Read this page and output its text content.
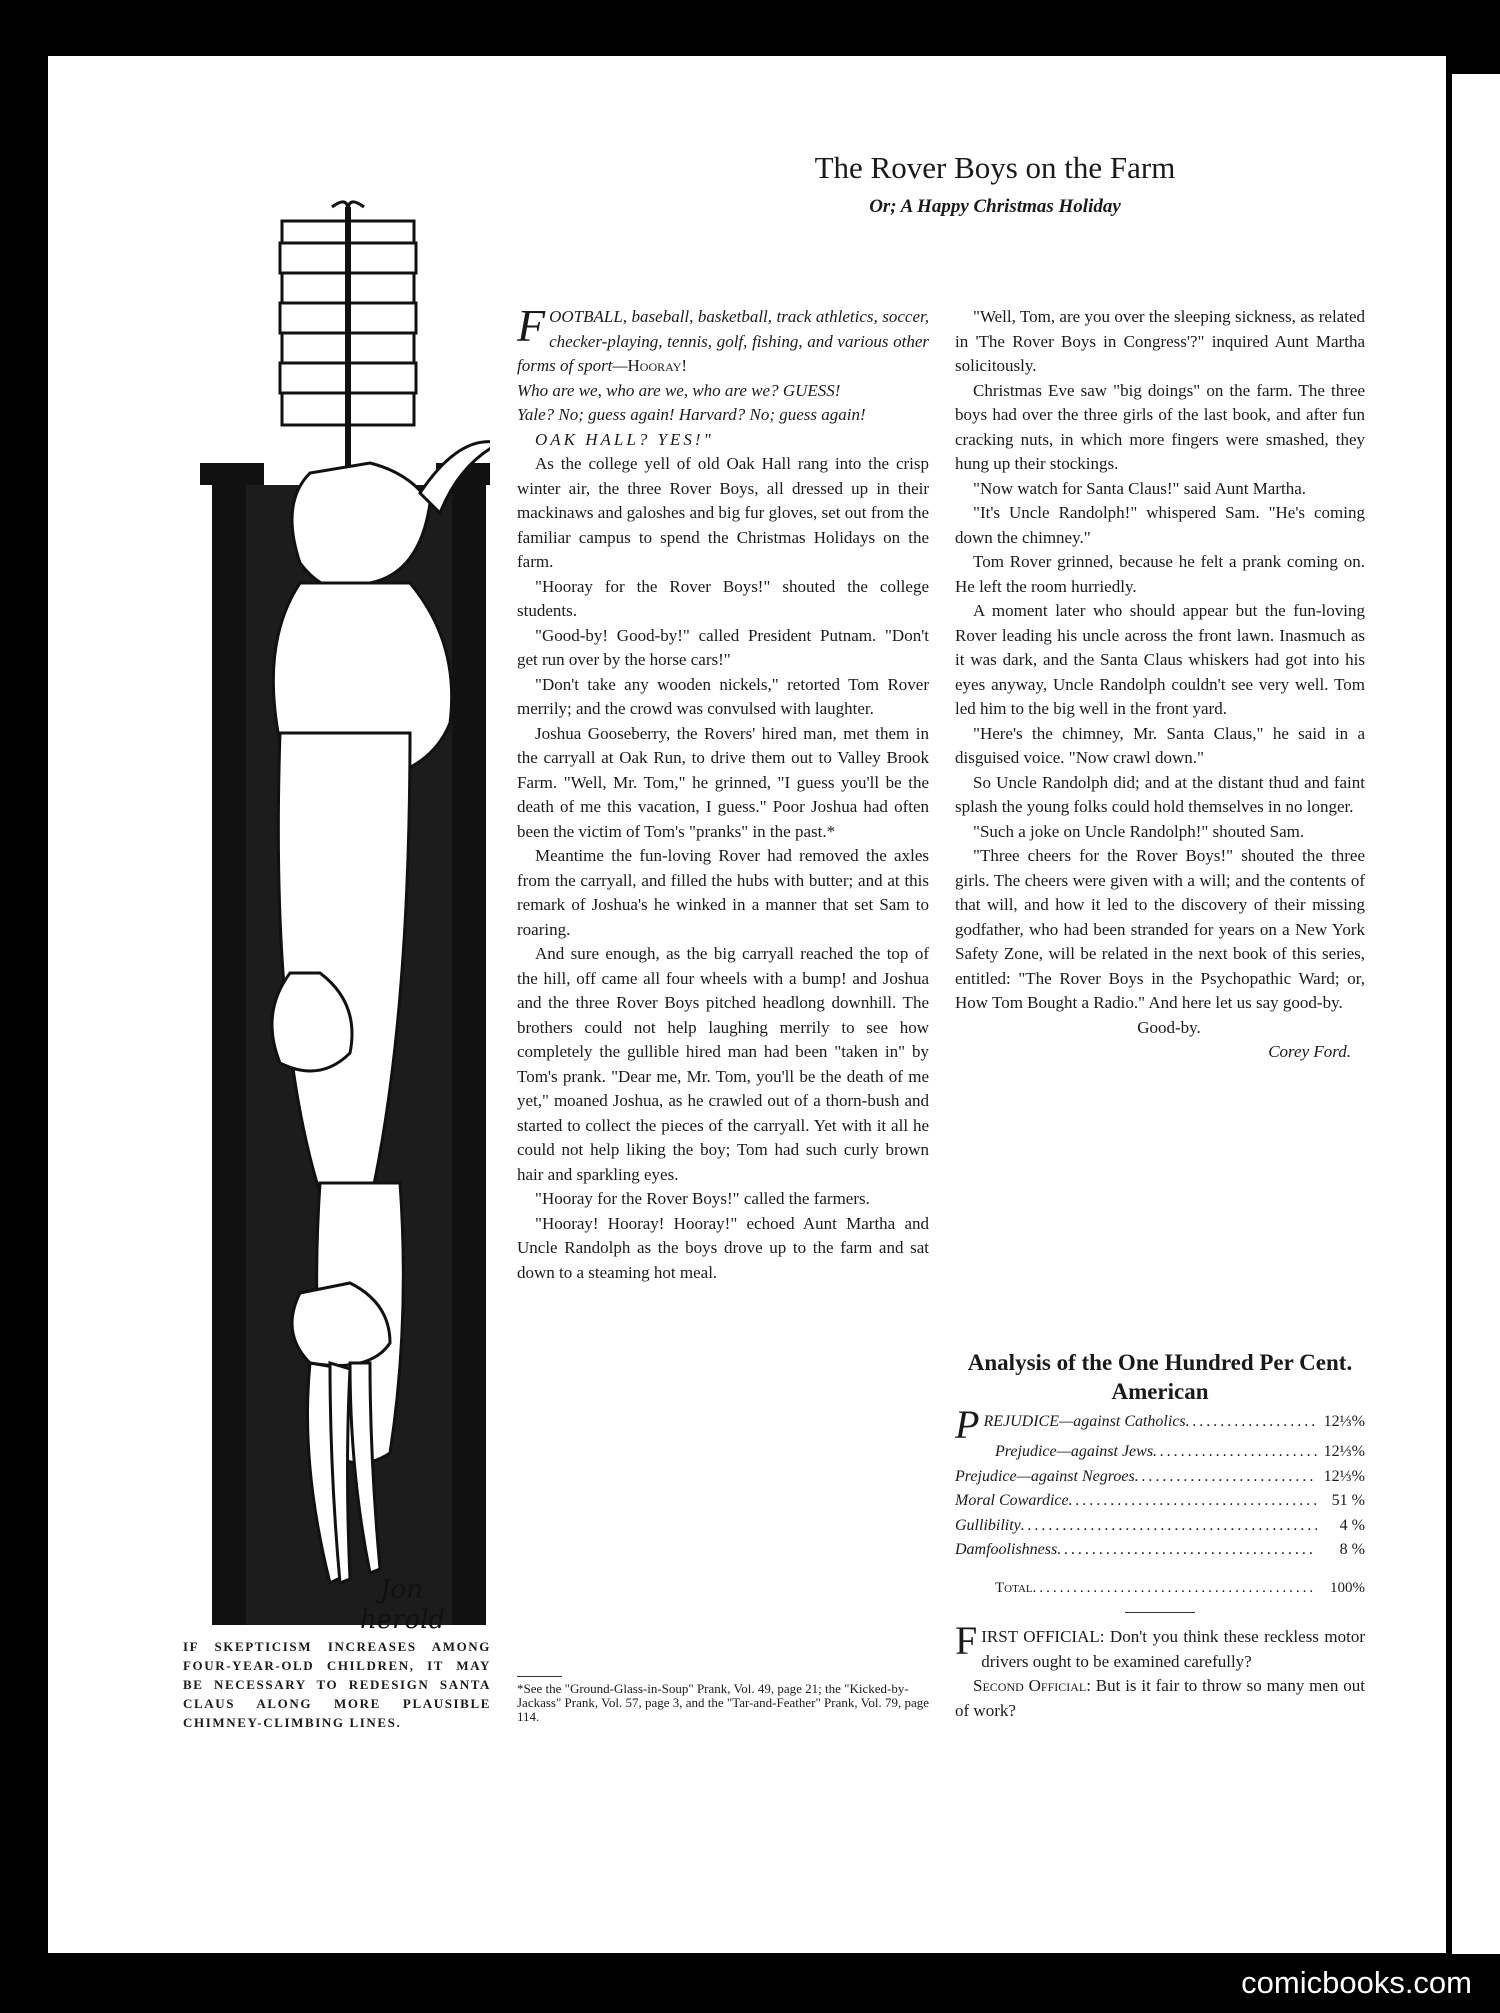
Jon
herold
IF SKEPTICISM INCREASES AMONG FOUR-YEAR-OLD CHILDREN, IT MAY BE NECESSARY TO REDESIGN SANTA CLAUS ALONG MORE PLAUSIBLE CHIMNEY-CLIMBING LINES.
The Rover Boys on the Farm
Or; A Happy Christmas Holiday

FOOTBALL, baseball, basketball, track athletics, soccer, checker-playing, tennis, golf, fishing, and various other forms of sport—Hooray!

Who are we, who are we, who are we? GUESS!

Yale? No; guess again! Harvard? No; guess again!

OAK HALL? YES!"

As the college yell of old Oak Hall rang into the crisp winter air, the three Rover Boys, all dressed up in their mackinaws and galoshes and big fur gloves, set out from the familiar campus to spend the Christmas Holidays on the farm.

"Hooray for the Rover Boys!" shouted the college students.

"Good-by! Good-by!" called President Putnam. "Don't get run over by the horse cars!"

"Don't take any wooden nickels," retorted Tom Rover merrily; and the crowd was convulsed with laughter.

Joshua Gooseberry, the Rovers' hired man, met them in the carryall at Oak Run, to drive them out to Valley Brook Farm. "Well, Mr. Tom," he grinned, "I guess you'll be the death of me this vacation, I guess." Poor Joshua had often been the victim of Tom's "pranks" in the past.*

Meantime the fun-loving Rover had removed the axles from the carryall, and filled the hubs with butter; and at this remark of Joshua's he winked in a manner that set Sam to roaring.

And sure enough, as the big carryall reached the top of the hill, off came all four wheels with a bump! and Joshua and the three Rover Boys pitched headlong downhill. The brothers could not help laughing merrily to see how completely the gullible hired man had been "taken in" by Tom's prank. "Dear me, Mr. Tom, you'll be the death of me yet," moaned Joshua, as he crawled out of a thorn-bush and started to collect the pieces of the carryall. Yet with it all he could not help liking the boy; Tom had such curly brown hair and sparkling eyes.

"Hooray for the Rover Boys!" called the farmers.

"Hooray! Hooray! Hooray!" echoed Aunt Martha and Uncle Randolph as the boys drove up to the farm and sat down to a steaming hot meal.

*See the "Ground-Glass-in-Soup" Prank, Vol. 49, page 21; the "Kicked-by-Jackass" Prank, Vol. 57, page 3, and the "Tar-and-Feather" Prank, Vol. 79, page 114.

"Well, Tom, are you over the sleeping sickness, as related in 'The Rover Boys in Congress'?" inquired Aunt Martha solicitously.

Christmas Eve saw "big doings" on the farm. The three boys had over the three girls of the last book, and after fun cracking nuts, in which more fingers were smashed, they hung up their stockings.

"Now watch for Santa Claus!" said Aunt Martha.

"It's Uncle Randolph!" whispered Sam. "He's coming down the chimney."

Tom Rover grinned, because he felt a prank coming on. He left the room hurriedly.

A moment later who should appear but the fun-loving Rover leading his uncle across the front lawn. Inasmuch as it was dark, and the Santa Claus whiskers had got into his eyes anyway, Uncle Randolph couldn't see very well. Tom led him to the big well in the front yard.

"Here's the chimney, Mr. Santa Claus," he said in a disguised voice. "Now crawl down."

So Uncle Randolph did; and at the distant thud and faint splash the young folks could hold themselves in no longer.

"Such a joke on Uncle Randolph!" shouted Sam.

"Three cheers for the Rover Boys!" shouted the three girls. The cheers were given with a will; and the contents of that will, and how it led to the discovery of their missing godfather, who had been stranded for years on a New York Safety Zone, will be related in the next book of this series, entitled: "The Rover Boys in the Psychopathic Ward; or, How Tom Bought a Radio." And here let us say good-by.

Good-by.

Corey Ford.

Analysis of the One Hundred Per Cent. American
PREJUDICE—against Catholics .....	12⅓%
Prejudice—against Jews .....	12⅓%
Prejudice—against Negroes .....	12⅓%
Moral Cowardice .....	51 %
Gullibility .....	4 %
Damfoolishness .....	8 %
Total .....	100%

FIRST OFFICIAL: Don't you think these reckless motor drivers ought to be examined carefully?

Second Official: But is it fair to throw so many men out of work?

comicbooks.com
